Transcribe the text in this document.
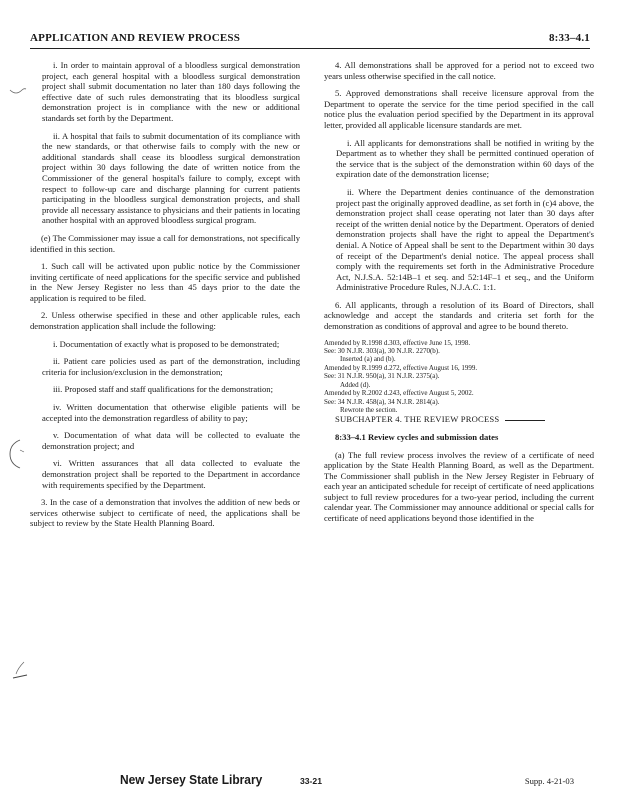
APPLICATION AND REVIEW PROCESS	8:33–4.1

i. In order to maintain approval of a bloodless surgical demonstration project, each general hospital with a bloodless surgical demonstration project shall submit documentation no later than 180 days following the effective date of such rules demonstrating that its bloodless surgical demonstration project is in compliance with the new or additional standards set forth by the Department.

ii. A hospital that fails to submit documentation of its compliance with the new standards, or that otherwise fails to comply with the new or additional standards shall cease its bloodless surgical demonstration project within 30 days following the date of written notice from the Commissioner of the general hospital's failure to comply, except with respect to follow-up care and discharge planning for current patients participating in the bloodless surgical demonstration projects, and shall provide all necessary assistance to physicians and their patients in locating another hospital with an approved bloodless surgical program.

(e) The Commissioner may issue a call for demonstrations, not specifically identified in this section.

1. Such call will be activated upon public notice by the Commissioner inviting certificate of need applications for the specific service and published in the New Jersey Register no less than 45 days prior to the date the application is required to be filed.

2. Unless otherwise specified in these and other applicable rules, each demonstration application shall include the following:

i. Documentation of exactly what is proposed to be demonstrated;

ii. Patient care policies used as part of the demonstration, including criteria for inclusion/exclusion in the demonstration;

iii. Proposed staff and staff qualifications for the demonstration;

iv. Written documentation that otherwise eligible patients will be accepted into the demonstration regardless of ability to pay;

v. Documentation of what data will be collected to evaluate the demonstration project; and

vi. Written assurances that all data collected to evaluate the demonstration project shall be reported to the Department in accordance with requirements specified by the Department.

3. In the case of a demonstration that involves the addition of new beds or services otherwise subject to certificate of need, the applications shall be subject to review by the State Health Planning Board.

4. All demonstrations shall be approved for a period not to exceed two years unless otherwise specified in the call notice.

5. Approved demonstrations shall receive licensure approval from the Department to operate the service for the time period specified in the call notice plus the evaluation period specified by the Department in its approval letter, provided all applicable licensure standards are met.

i. All applicants for demonstrations shall be notified in writing by the Department as to whether they shall be permitted continued operation of the service that is the subject of the demonstration within 60 days of the expiration date of the demonstration license;

ii. Where the Department denies continuance of the demonstration project past the originally approved deadline, as set forth in (c)4 above, the demonstration project shall cease operating not later than 30 days after receipt of the written denial notice by the Department. Operators of denied demonstration projects shall have the right to appeal the Department's denial. A Notice of Appeal shall be sent to the Department within 30 days of receipt of the Department's denial notice. The appeal process shall comply with the requirements set forth in the Administrative Procedure Act, N.J.S.A. 52:14B–1 et seq. and 52:14F–1 et seq., and the Uniform Administrative Procedure Rules, N.J.A.C. 1:1.

6. All applicants, through a resolution of its Board of Directors, shall acknowledge and accept the standards and criteria set forth for the demonstration as conditions of approval and agree to be bound thereto.

Amended by R.1998 d.303, effective June 15, 1998.
See: 30 N.J.R. 303(a), 30 N.J.R. 2270(b).
Inserted (a) and (b).
Amended by R.1999 d.272, effective August 16, 1999.
See: 31 N.J.R. 950(a), 31 N.J.R. 2375(a).
Added (d).
Amended by R.2002 d.243, effective August 5, 2002.
See: 34 N.J.R. 458(a), 34 N.J.R. 2814(a).
Rewrote the section.

SUBCHAPTER 4. THE REVIEW PROCESS

8:33–4.1 Review cycles and submission dates

(a) The full review process involves the review of a certificate of need application by the State Health Planning Board, as well as the Department. The Commissioner shall publish in the New Jersey Register in February of each year an anticipated schedule for receipt of certificate of need applications subject to full review procedures for a two-year period, including the current calendar year. The Commissioner may announce additional or special calls for certificate of need applications beyond those identified in the

New Jersey State Library	33-21	Supp. 4-21-03
